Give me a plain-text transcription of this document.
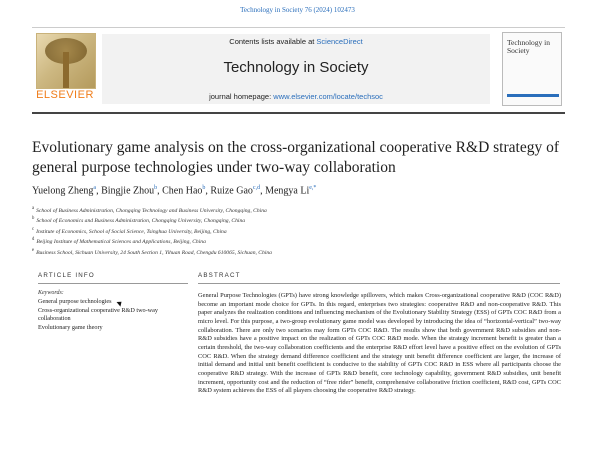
Technology in Society 76 (2024) 102473
ELSEVIER
Contents lists available at ScienceDirect
Technology in Society
journal homepage: www.elsevier.com/locate/techsoc
Technology in Society
Evolutionary game analysis on the cross-organizational cooperative R&D strategy of general purpose technologies under two-way collaboration
Yuelong Zheng$^a$, Bingjie Zhou$^b$, Chen Hao$^b$, Ruize Gao$^{c,d}$, Mengya $Li^{e,*}$
$^a$ School of Business Administration, Chongqing Technology and Business University, Chongqing, China
$^b$ School of Economics and Business Administration, Chongqing University, Chongqing, China
$^c$ Institute of Economics, School of Social Science, Tsinghua University, Beijing, China
$^d$ Beijing Institute of Mathematical Sciences and Applications, Beijing, China
$^e$ Business School, Sichuan University, 24 South Section 1, Yihuan Road, Chengdu 610065, Sichuan, China
ARTICLE INFO	ABSTRACT
Keywords:
General purpose technologies
Cross-organizational cooperative R&D two-way collaboration
Evolutionary game theory
General Purpose Technologies (GPTs) have strong knowledge spillovers, which makes Cross-organizational cooperative R&D (COC R&D) become an important mode choice for GPTs. In this regard, enterprises two strategies: cooperative R&D and non-cooperative R&D. This paper analyzes the realization conditions and influencing mechanism of the Evolutionary Stability Strategy (ESS) of GPTs COC R&D from a micro level. For this purpose, a two-group evolutionary game model was developed by introducing the idea of “horizontal-vertical” two-way collaboration. There are only two scenarios may form GPTs COC R&D. The results show that both government R&D subsidies and non-R&D subsidies have a positive impact on the realization of GPTs COC R&D mode. When the strategy increment benefit is greater than a certain threshold, the two-way collaboration coefficients and the enterprise R&D effort level have a positive effect on the evolution of GPTs COC R&D. When the strategy demand difference coefficient and the strategy unit benefit difference coefficient are larger, the increase of initial demand and initial unit benefit coefficient is conducive to the stability of GPTs COC R&D in ESS where all participants choose the cooperative R&D strategy. With the increase of GPTs R&D benefit, core technology capability, government R&D subsidies, unit benefit increment, opportunity cost and the reduction of “free rider” benefit, comprehensive collaborative friction coefficient, R&D cost, GPTs COC R&D system achieves the ESS of all players choosing the cooperative R&D strategy.
